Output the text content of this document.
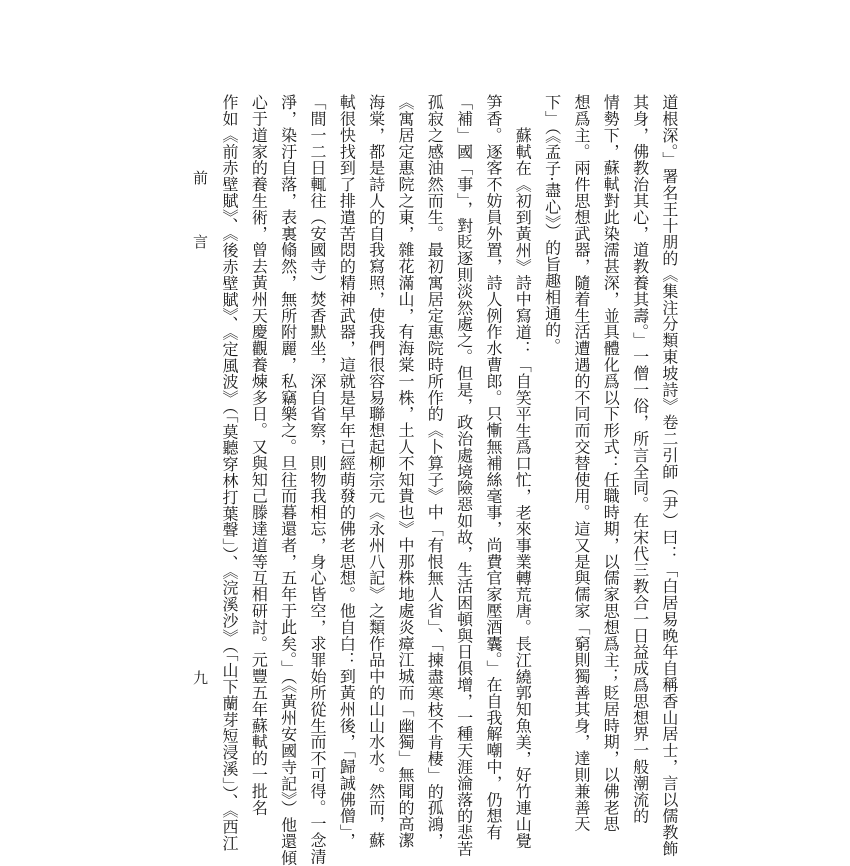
前 言
九	道根深。」署名王十朋的《集注分類東坡詩》卷二引師（尹）曰：「白居易晚年自稱香山居士，言以儒教飾
其身，佛教治其心，道教養其壽。」一僧一俗，所言全同。在宋代三教合一日益成爲思想界一般潮流的
情勢下，蘇軾對此染濡甚深，並具體化爲以下形式：任職時期，以儒家思想爲主；貶居時期，以佛老思
想爲主。兩件思想武器，隨着生活遭遇的不同而交替使用。這又是與儒家「窮則獨善其身，達則兼善天
下」（《孟子·盡心》）的旨趣相通的。
蘇軾在《初到黃州》詩中寫道：「自笑平生爲口忙，老來事業轉荒唐。長江繞郭知魚美，好竹連山覺
笋香。逐客不妨員外置，詩人例作水曹郎。只慚無補絲毫事，尚費官家壓酒囊。」在自我解嘲中，仍想有
「補」國「事」，對貶逐則淡然處之。但是，政治處境險惡如故，生活困頓與日俱增，一種天涯淪落的悲苦
孤寂之感油然而生。最初寓居定惠院時所作的《卜算子》中「有恨無人省」、「揀盡寒枝不肯棲」的孤鴻，
《寓居定惠院之東，雜花滿山，有海棠一株，土人不知貴也》中那株地處炎瘴江城而「幽獨」無聞的高潔
海棠，都是詩人的自我寫照，使我們很容易聯想起柳宗元《永州八記》之類作品中的山山水水。然而，蘇
軾很快找到了排遣苦悶的精神武器，這就是早年已經萌發的佛老思想。他自白：到黃州後，「歸誠佛僧」，
「間一二日輒往（安國寺）焚香默坐，深自省察，則物我相忘，身心皆空，求罪始所從生而不可得。一念清
淨，染汙自落，表裏翛然，無所附麗，私竊樂之。旦往而暮還者，五年于此矣。」（《黃州安國寺記》）他還傾
心于道家的養生術，曾去黃州天慶觀養煉多日。又與知己滕達道等互相研討。元豐五年蘇軾的一批名
作如《前赤壁賦》、《後赤壁賦》、《定風波》（「莫聽穿林打葉聲」）、《浣溪沙》（「山下蘭芽短浸溪」）、《西江
